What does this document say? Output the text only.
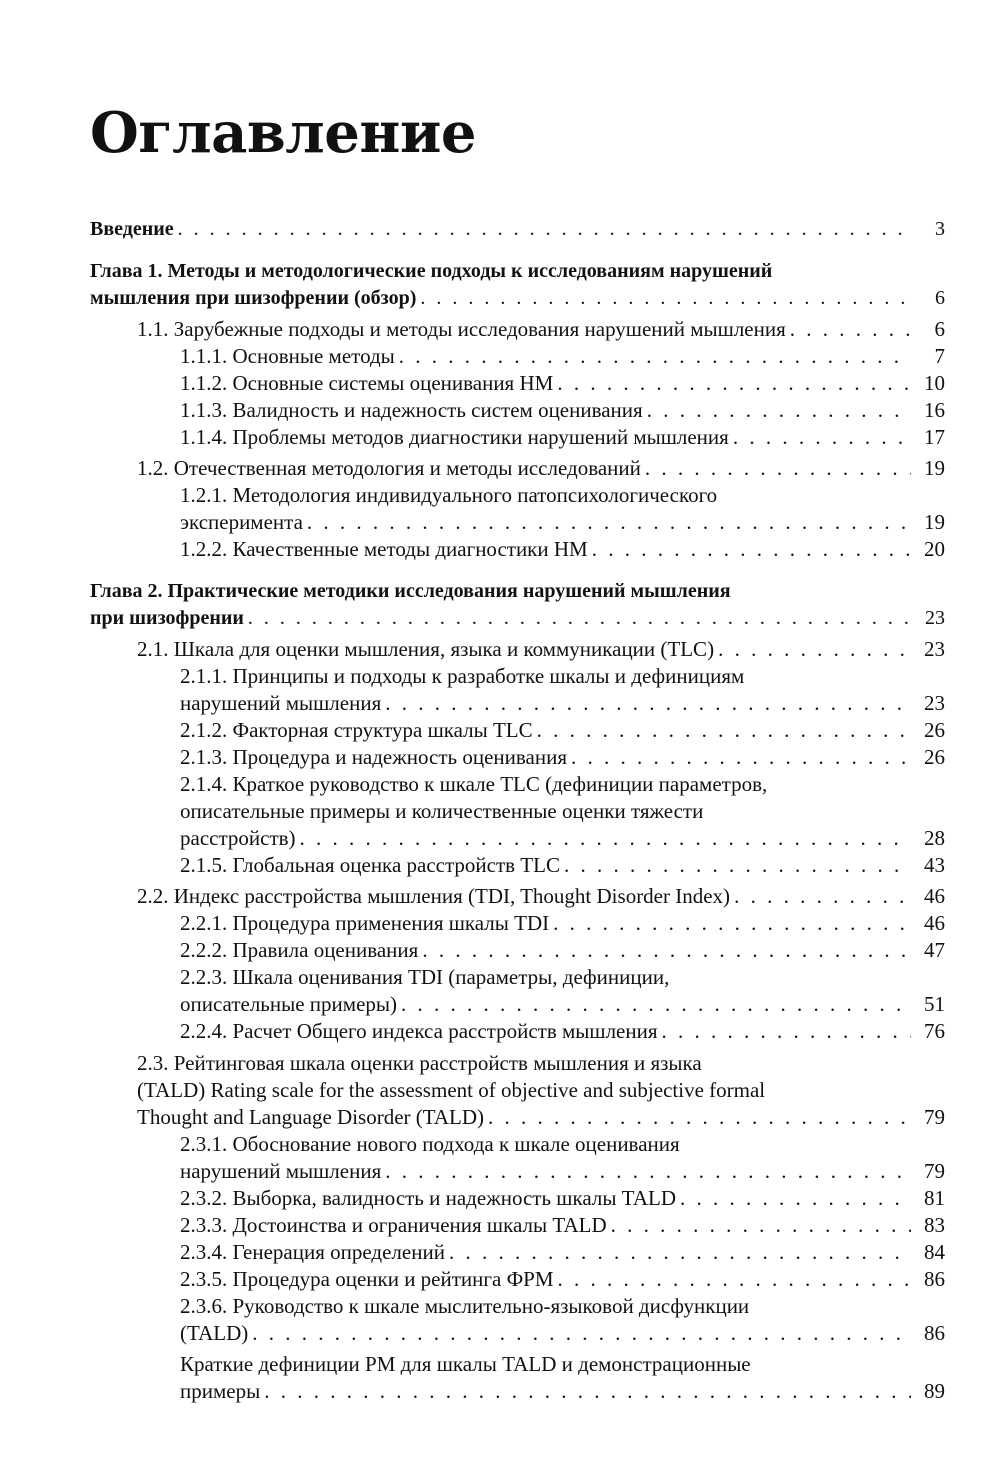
Оглавление
Введение . . .	3
Глава 1. Методы и методологические подходы к исследованиям нарушений
мышления при шизофрении (обзор) . . .	6
1.1. Зарубежные подходы и методы исследования нарушений мышления . . .	6
1.1.1. Основные методы . . .	7
1.1.2. Основные системы оценивания НМ . . .	10
1.1.3. Валидность и надежность систем оценивания . . .	16
1.1.4. Проблемы методов диагностики нарушений мышления . . .	17
1.2. Отечественная методология и методы исследований . . .	19
1.2.1. Методология индивидуального патопсихологического
эксперимента . . .	19
1.2.2. Качественные методы диагностики НМ . . .	20
Глава 2. Практические методики исследования нарушений мышления
при шизофрении . . .	23
2.1. Шкала для оценки мышления, языка и коммуникации (TLC) . . .	23
2.1.1. Принципы и подходы к разработке шкалы и дефинициям
нарушений мышления . . .	23
2.1.2. Факторная структура шкалы TLC . . .	26
2.1.3. Процедура и надежность оценивания . . .	26
2.1.4. Краткое руководство к шкале TLC (дефиниции параметров,
описательные примеры и количественные оценки тяжести
расстройств) . . .	28
2.1.5. Глобальная оценка расстройств TLC . . .	43
2.2. Индекс расстройства мышления (TDI, Thought Disorder Index) . . .	46
2.2.1. Процедура применения шкалы TDI . . .	46
2.2.2. Правила оценивания . . .	47
2.2.3. Шкала оценивания TDI (параметры, дефиниции,
описательные примеры) . . .	51
2.2.4. Расчет Общего индекса расстройств мышления . . .	76
2.3. Рейтинговая шкала оценки расстройств мышления и языка
(TALD) Rating scale for the assessment of objective and subjective formal
Thought and Language Disorder (TALD) . . .	79
2.3.1. Обоснование нового подхода к шкале оценивания
нарушений мышления . . .	79
2.3.2. Выборка, валидность и надежность шкалы TALD . . .	81
2.3.3. Достоинства и ограничения шкалы TALD . . .	83
2.3.4. Генерация определений . . .	84
2.3.5. Процедура оценки и рейтинга ФРМ . . .	86
2.3.6. Руководство к шкале мыслительно-языковой дисфункции
(TALD) . . .	86
Краткие дефиниции РМ для шкалы TALD и демонстрационные
примеры . . .	89
